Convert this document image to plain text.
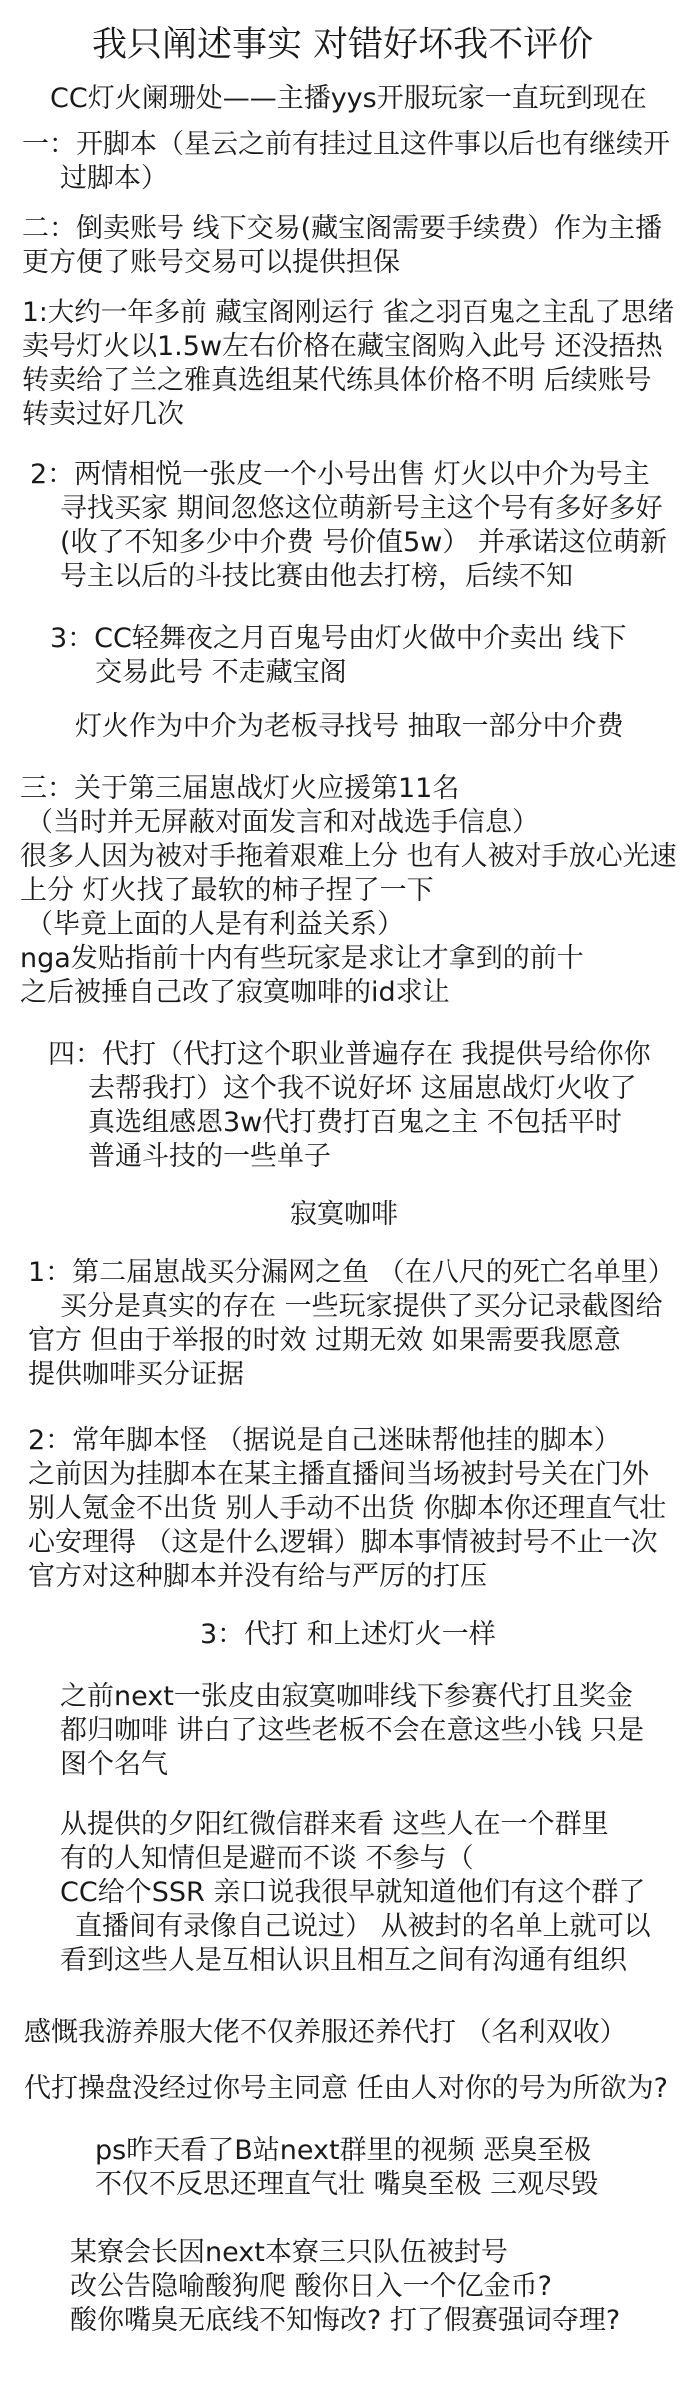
我只阐述事实 对错好坏我不评价
CC灯火阑珊处——主播yys开服玩家一直玩到现在
一：开脚本（星云之前有挂过且这件事以后也有继续开
过脚本）
二：倒卖账号 线下交易(藏宝阁需要手续费）作为主播
更方便了账号交易可以提供担保
1:大约一年多前 藏宝阁刚运行 雀之羽百鬼之主乱了思绪
卖号灯火以1.5w左右价格在藏宝阁购入此号 还没捂热
转卖给了兰之雅真选组某代练具体价格不明 后续账号
转卖过好几次
2：两情相悦一张皮一个小号出售 灯火以中介为号主
寻找买家 期间忽悠这位萌新号主这个号有多好多好
(收了不知多少中介费 号价值5w） 并承诺这位萌新
号主以后的斗技比赛由他去打榜，后续不知
3：CC轻舞夜之月百鬼号由灯火做中介卖出 线下
交易此号 不走藏宝阁
灯火作为中介为老板寻找号 抽取一部分中介费
三：关于第三届崽战灯火应援第11名
（当时并无屏蔽对面发言和对战选手信息）
很多人因为被对手拖着艰难上分 也有人被对手放心光速
上分 灯火找了最软的柿子捏了一下
（毕竟上面的人是有利益关系）
nga发贴指前十内有些玩家是求让才拿到的前十
之后被捶自己改了寂寞咖啡的id求让
四：代打（代打这个职业普遍存在 我提供号给你你
去帮我打）这个我不说好坏 这届崽战灯火收了
真选组感恩3w代打费打百鬼之主 不包括平时
普通斗技的一些单子
寂寞咖啡
1：第二届崽战买分漏网之鱼 （在八尺的死亡名单里）
买分是真实的存在 一些玩家提供了买分记录截图给
官方 但由于举报的时效 过期无效 如果需要我愿意
提供咖啡买分证据
2：常年脚本怪 （据说是自己迷昧帮他挂的脚本）
之前因为挂脚本在某主播直播间当场被封号关在门外
别人氪金不出货 别人手动不出货 你脚本你还理直气壮
心安理得 （这是什么逻辑）脚本事情被封号不止一次
官方对这种脚本并没有给与严厉的打压
3：代打 和上述灯火一样
之前next一张皮由寂寞咖啡线下参赛代打且奖金
都归咖啡 讲白了这些老板不会在意这些小钱 只是
图个名气
从提供的夕阳红微信群来看 这些人在一个群里
有的人知情但是避而不谈 不参与（
CC给个SSR 亲口说我很早就知道他们有这个群了
直播间有录像自己说过） 从被封的名单上就可以
看到这些人是互相认识且相互之间有沟通有组织
感慨我游养服大佬不仅养服还养代打 （名利双收）
代打操盘没经过你号主同意 任由人对你的号为所欲为?
ps昨天看了B站next群里的视频 恶臭至极
不仅不反思还理直气壮 嘴臭至极 三观尽毁
某寮会长因next本寮三只队伍被封号
改公告隐喻酸狗爬 酸你日入一个亿金币?
酸你嘴臭无底线不知悔改? 打了假赛强词夺理?
